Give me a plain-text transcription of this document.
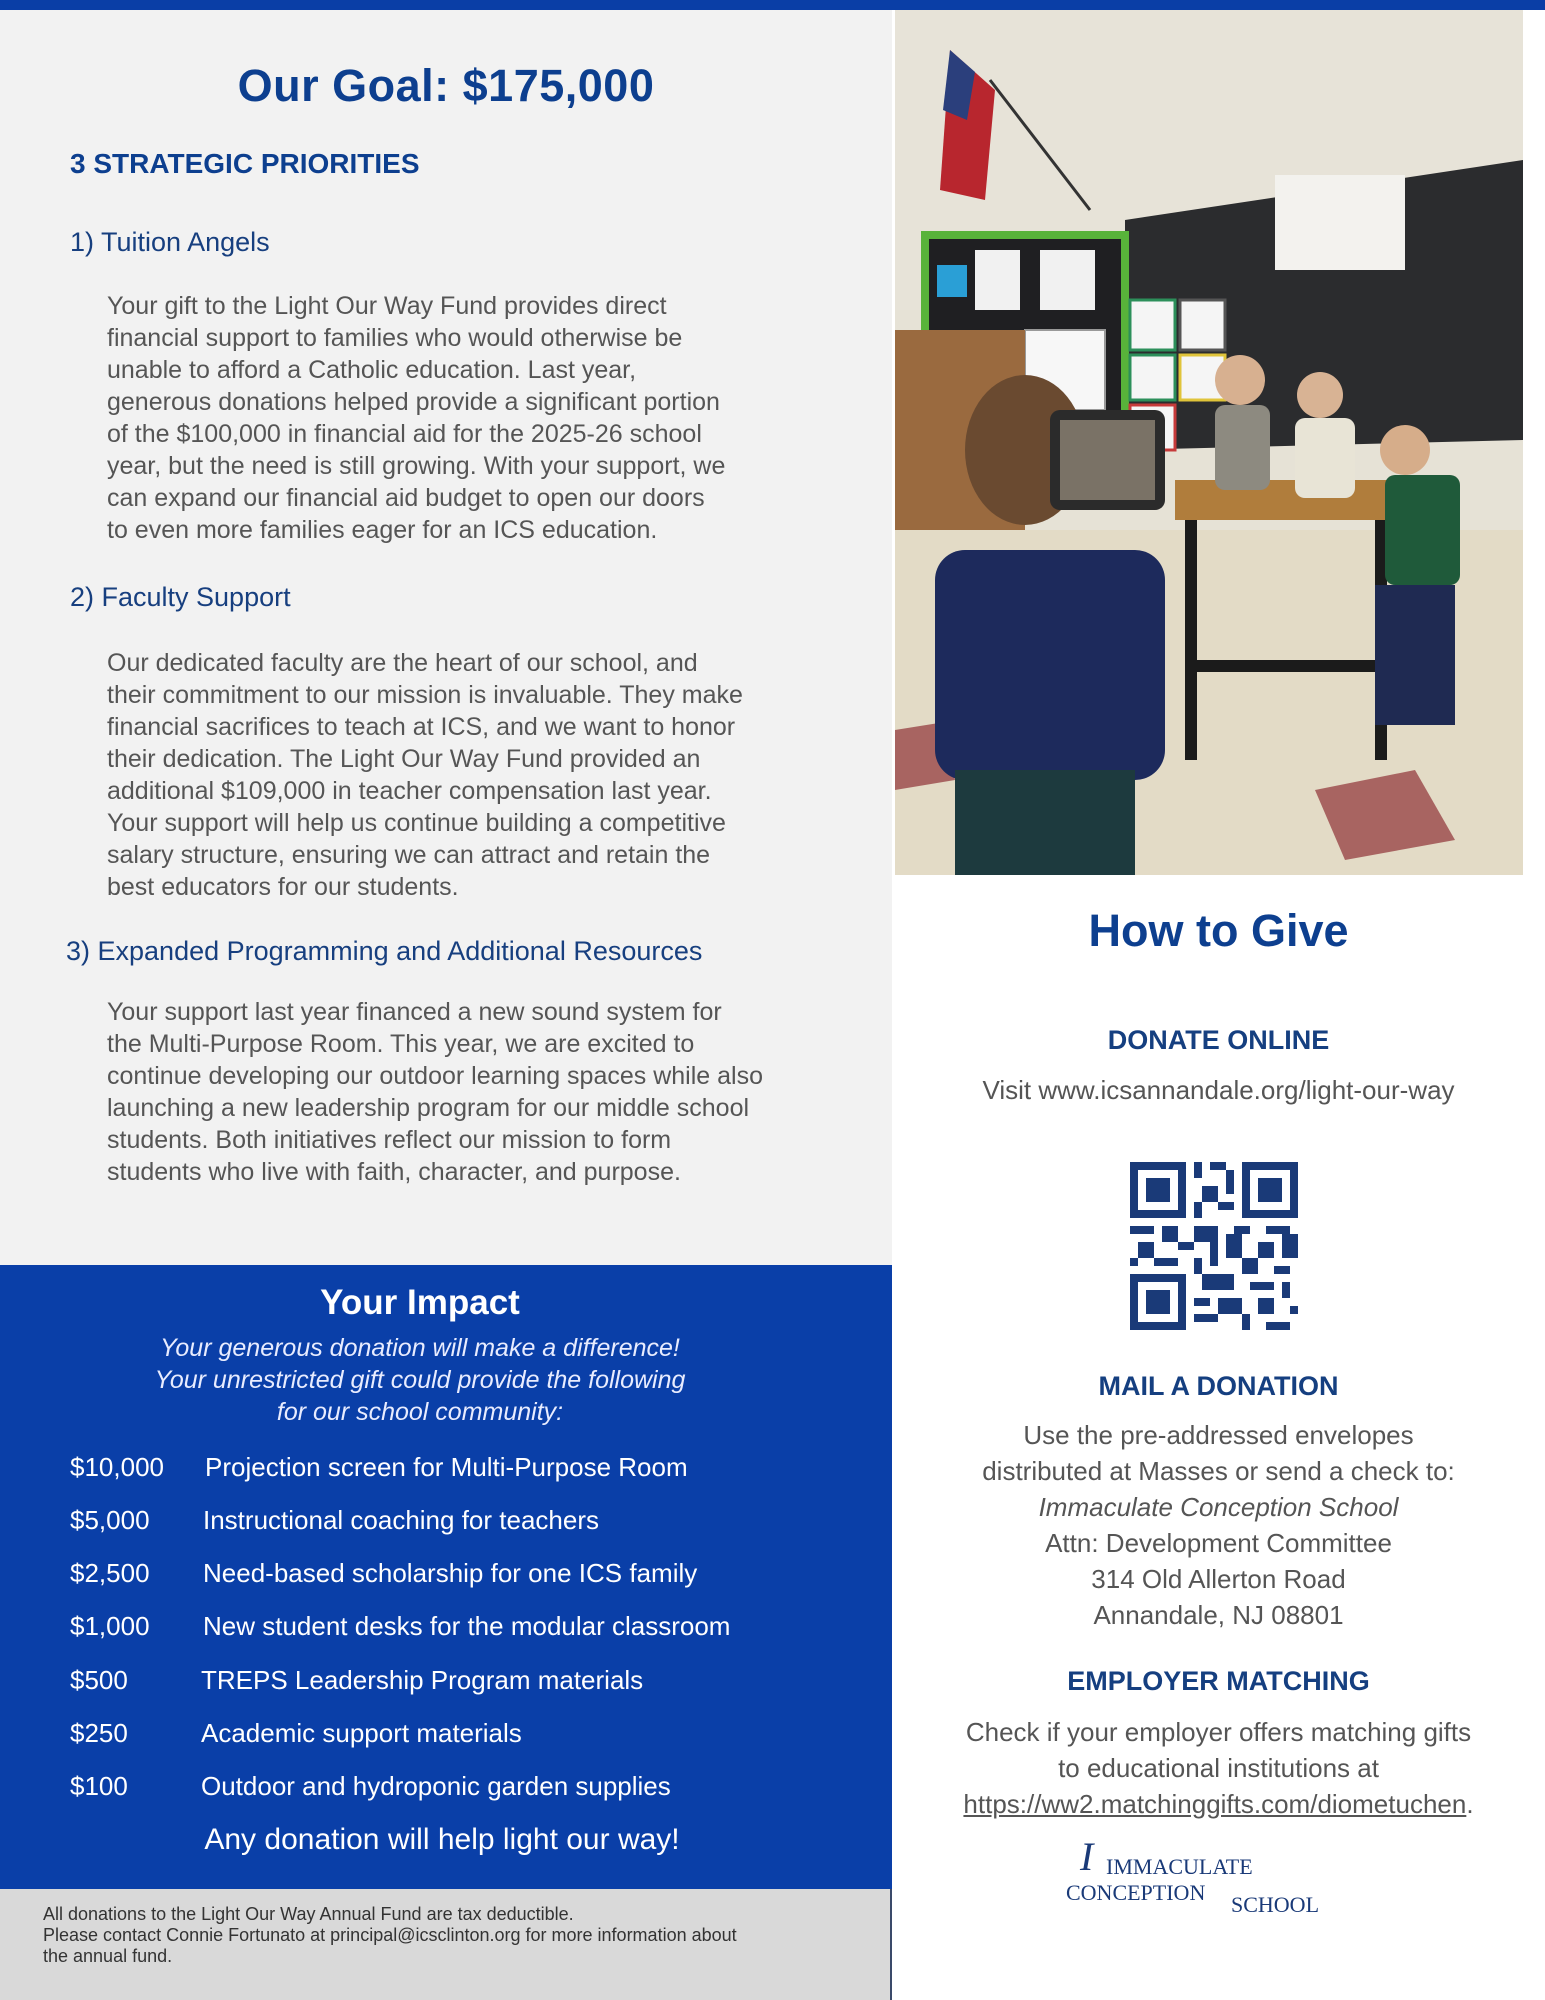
Our Goal: $175,000
3 STRATEGIC PRIORITIES
1) Tuition Angels
Your gift to the Light Our Way Fund provides direct
financial support to families who would otherwise be
unable to afford a Catholic education. Last year,
generous donations helped provide a significant portion
of the $100,000 in financial aid for the 2025-26 school
year, but the need is still growing. With your support, we
can expand our financial aid budget to open our doors
to even more families eager for an ICS education.
2) Faculty Support
Our dedicated faculty are the heart of our school, and
their commitment to our mission is invaluable. They make
financial sacrifices to teach at ICS, and we want to honor
their dedication. The Light Our Way Fund provided an
additional $109,000 in teacher compensation last year.
Your support will help us continue building a competitive
salary structure, ensuring we can attract and retain the
best educators for our students.
3) Expanded Programming and Additional Resources
Your support last year financed a new sound system for
the Multi-Purpose Room. This year, we are excited to
continue developing our outdoor learning spaces while also
launching a new leadership program for our middle school
students. Both initiatives reflect our mission to form
students who live with faith, character, and purpose.
Your Impact
Your generous donation will make a difference!
Your unrestricted gift could provide the following
for our school community:
$10,000 Projection screen for Multi-Purpose Room
$5,000 Instructional coaching for teachers
$2,500 Need-based scholarship for one ICS family
$1,000 New student desks for the modular classroom
$500	TREPS Leadership Program materials
$250	Academic support materials
$100	Outdoor and hydroponic garden supplies
Any donation will help light our way!
All donations to the Light Our Way Annual Fund are tax deductible.
Please contact Connie Fortunato at principal@icsclinton.org for more information about
the annual fund.
How to Give
DONATE ONLINE
Visit www.icsannandale.org/light-our-way
MAIL A DONATION
Use the pre-addressed envelopes
distributed at Masses or send a check to:
Immaculate Conception School
Attn: Development Committee
314 Old Allerton Road
Annandale, NJ 08801
EMPLOYER MATCHING
Check if your employer offers matching gifts
to educational institutions at
https://ww2.matchinggifts.com/diometuchen.
I IMMACULATE
CONCEPTION SCHOOL
